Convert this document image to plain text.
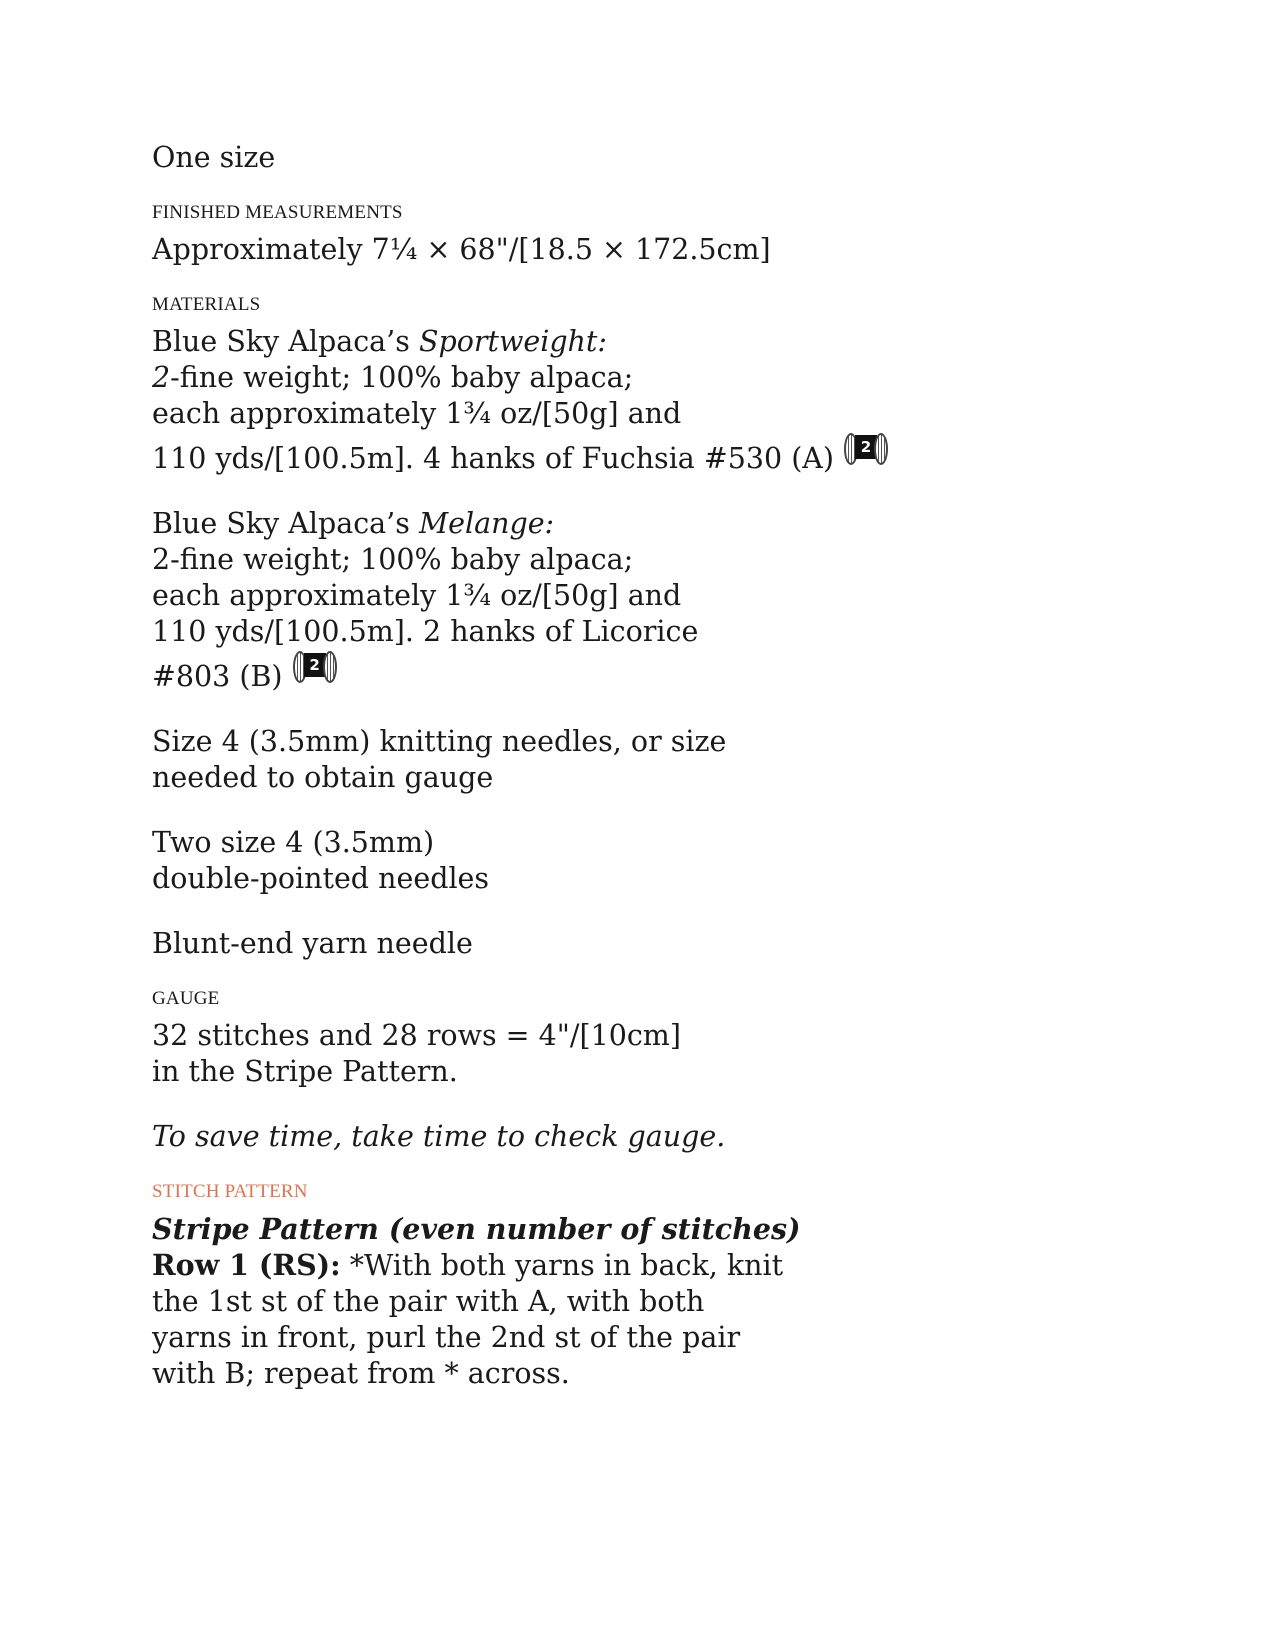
One size

FINISHED MEASUREMENTS

Approximately 7¼ × 68"/[18.5 × 172.5cm]

MATERIALS

Blue Sky Alpaca’s Sportweight:

2-fine weight; 100% baby alpaca;

each approximately 1¾ oz/[50g] and

110 yds/[100.5m]. 4 hanks of Fuchsia #530 (A)	2

Blue Sky Alpaca’s Melange:

2-fine weight; 100% baby alpaca;

each approximately 1¾ oz/[50g] and

110 yds/[100.5m]. 2 hanks of Licorice

#803 (B)	2

Size 4 (3.5mm) knitting needles, or size

needed to obtain gauge

Two size 4 (3.5mm)

double-pointed needles

Blunt-end yarn needle

GAUGE

32 stitches and 28 rows = 4"/[10cm]

in the Stripe Pattern.

To save time, take time to check gauge.

STITCH PATTERN

Stripe Pattern (even number of stitches)

Row 1 (RS): *With both yarns in back, knit

the 1st st of the pair with A, with both

yarns in front, purl the 2nd st of the pair

with B; repeat from * across.
